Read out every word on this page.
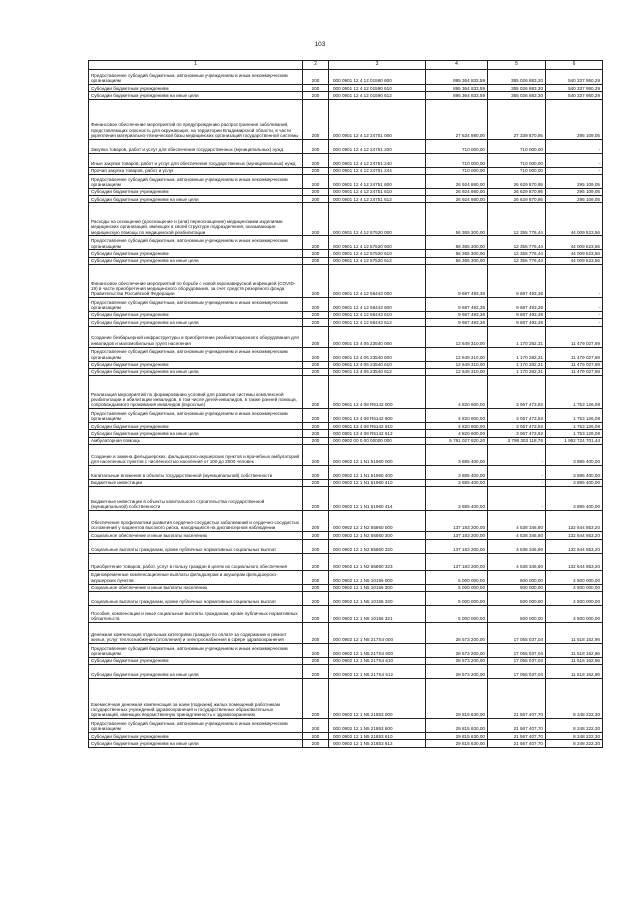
103
1	2	3	4	5	6
Предоставление субсидий бюджетным, автономным учреждениям и иным некоммерческим организациям	200	000 0901 12 4 12 01590 600	895 364 833,59	355 026 883,30	540 337 950,29
Субсидии бюджетным учреждениям	200	000 0901 12 4 12 01590 610	895 364 833,59	355 026 883,30	540 337 950,29
Субсидии бюджетным учреждениям на иные цели	200	000 0901 12 4 12 01590 612	895 364 833,59	355 026 883,30	540 337 950,29
Финансовое обеспечение мероприятий по предупреждению распространения заболеваний, представляющих опасность для окружающих, на территории Владимирской области, в части укрепления материально-технической базы медицинских организаций государственной системы	200	000 0901 12 4 12 24751 000	27 634 980,00	27 339 870,95	295 109,05
Закупка товаров, работ и услуг для обеспечения государственных (муниципальных) нужд	200	000 0901 12 4 12 24751 200	710 000,00	710 000,00	-
Иные закупки товаров, работ и услуг для обеспечения государственных (муниципальных) нужд	200	000 0901 12 4 12 24751 240	710 000,00	710 000,00	-
Прочая закупка товаров, работ и услуг	200	000 0901 12 4 12 24751 244	710 000,00	710 000,00	-
Предоставление субсидий бюджетным, автономным учреждениям и иным некоммерческим организациям	200	000 0901 12 4 12 24751 600	26 924 980,00	26 629 870,95	295 109,05
Субсидии бюджетным учреждениям	200	000 0901 12 4 12 24751 610	26 924 980,00	26 629 870,95	295 109,05
Субсидии бюджетным учреждениям на иные цели	200	000 0901 12 4 12 24751 612	26 924 980,00	26 629 870,95	295 109,05
Расходы на оснащение (дооснащение и (или) переоснащение) медицинскими изделиями медицинских организаций, имеющих в своей структуре подразделения, оказывающие медицинскую помощь по медицинской реабилитации	200	000 0901 12 4 12 57520 000	56 365 300,00	12 355 776,44	44 009 523,56
Предоставление субсидий бюджетным, автономным учреждениям и иным некоммерческим организациям	200	000 0901 12 4 12 57520 600	56 365 300,00	12 355 776,44	44 009 523,56
Субсидии бюджетным учреждениям	200	000 0901 12 4 12 57520 610	56 365 300,00	12 355 776,44	44 009 523,56
Субсидии бюджетным учреждениям на иные цели	200	000 0901 12 4 12 57520 612	56 365 300,00	12 355 776,44	44 009 523,56
Финансовое обеспечение мероприятий по борьбе с новой коронавирусной инфекцией (COVID-19) в части приобретения медицинского оборудования, за счет средств резервного фонда Правительства Российской Федерации	200	000 0901 12 4 12 58443 000	9 687 493,36	9 687 493,36	-
Предоставление субсидий бюджетным, автономным учреждениям и иным некоммерческим организациям	200	000 0901 12 4 12 58443 600	9 687 493,36	9 687 493,36	-
Субсидии бюджетным учреждениям	200	000 0901 12 4 12 58443 610	9 687 493,36	9 687 493,36	-
Субсидии бюджетным учреждениям на иные цели	200	000 0901 12 4 12 58443 612	9 687 493,36	9 687 493,36	-
Создание безбарьерной инфраструктуры и приобретение реабилитационного оборудования для инвалидов и маломобильных групп населения	200	000 0901 13 4 05 23540 000	12 649 310,00	1 170 282,31	11 479 027,69
Предоставление субсидий бюджетным, автономным учреждениям и иным некоммерческим организациям	200	000 0901 13 4 05 23540 600	12 649 310,00	1 170 282,31	11 479 027,69
Субсидии бюджетным учреждениям	200	000 0901 13 4 05 23540 610	12 649 310,00	1 170 282,31	11 479 027,69
Субсидии бюджетным учреждениям на иные цели	200	000 0901 13 4 05 23540 612	12 649 310,00	1 170 282,31	11 479 027,69
Реализация мероприятий по формированию условий для развития системы комплексной реабилитации и абилитации инвалидов, в том числе детей-инвалидов, в также ранней помощи, сопровождаемого проживания инвалидов (взрослые)	200	000 0901 13 4 08 R5142 000	4 820 600,00	3 067 473,92	1 753 126,08
Предоставление субсидий бюджетным, автономным учреждениям и иным некоммерческим организациям	200	000 0901 13 4 08 R5142 600	4 820 600,00	3 067 473,92	1 753 126,08
Субсидии бюджетным учреждениям	200	000 0901 13 4 08 R5142 610	4 820 600,00	3 067 473,92	1 753 126,08
Субсидии бюджетным учреждениям на иные цели	200	000 0901 13 4 08 R5142 612	4 820 600,00	3 067 473,92	1 753 126,08
Амбулаторная помощь	200	000 0902 00 0 00 00000 000	5 751 027 820,20	3 798 303 118,76	1 952 724 701,44
Создание и замена фельдшерских, фельдшерско-акушерских пунктов и врачебных амбулаторий для населенных пунктов с численностью населения от 100 до 2000 человек	200	000 0902 12 1 N1 51960 000	3 885 400,00	-	3 885 400,00
Капитальные вложения в объекты государственной (муниципальной) собственности	200	000 0902 12 1 N1 51960 400	3 885 400,00	-	3 885 400,00
Бюджетные инвестиции	200	000 0902 12 1 N1 51960 410	3 885 400,00	-	3 885 400,00
Бюджетные инвестиции в объекты капитального строительства государственной (муниципальной) собственности	200	000 0902 12 1 N1 51960 414	3 885 400,00	-	3 885 400,00
Обеспечение профилактики развития сердечно-сосудистых заболеваний и сердечно-сосудистых осложнений у пациентов высокого риска, находящихся на диспансерном наблюдении	200	000 0902 12 1 N2 55860 000	137 183 200,00	4 538 346,80	132 644 853,20
Социальное обеспечение и иные выплаты населению	200	000 0902 12 1 N2 55860 300	137 183 200,00	4 538 346,80	132 644 853,20
Социальные выплаты гражданам, кроме публичных нормативных социальных выплат	200	000 0902 12 1 N2 55860 320	137 183 200,00	4 538 346,80	132 644 853,20
Приобретение товаров, работ, услуг в пользу граждан в целях их социального обеспечения	200	000 0902 12 1 N2 55860 323	137 183 200,00	4 538 346,80	132 644 853,20
Единовременные компенсационные выплаты фельдшерам и акушерам фельдшерско-акушерских пунктов	200	000 0902 12 1 N5 10156 000	5 000 000,00	500 000,00	4 500 000,00
Социальное обеспечение и иные выплаты населению	200	000 0902 12 1 N5 10156 300	5 000 000,00	500 000,00	4 500 000,00
Социальные выплаты гражданам, кроме публичных нормативных социальных выплат	200	000 0902 12 1 N5 10156 320	5 000 000,00	500 000,00	4 500 000,00
Пособия, компенсации и иные социальные выплаты гражданам, кроме публичных нормативных обязательств	200	000 0902 12 1 N5 10156 321	5 000 000,00	500 000,00	4 500 000,00
Денежная компенсация отдельным категориям граждан по оплате за содержание и ремонт жилья, услуг теплоснабжения (отопления) и электроснабжения в сфере здравоохранения	200	000 0902 12 1 N5 217S4 000	28 573 200,00	17 055 037,04	11 518 162,96
Предоставление субсидий бюджетным, автономным учреждениям и иным некоммерческим организациям	200	000 0902 12 1 N5 217S4 600	28 573 200,00	17 055 037,04	11 518 162,96
Субсидии бюджетным учреждениям	200	000 0902 12 1 N5 217S4 610	28 573 200,00	17 055 037,04	11 518 162,96
Субсидии бюджетным учреждениям на иные цели	200	000 0902 12 1 N5 217S4 612	28 573 200,00	17 055 037,04	11 518 162,96
Ежемесячная денежная компенсация за наем (поднаем) жилых помещений работникам государственных учреждений здравоохранения и государственных образовательных организаций, имеющих ведомственную принадлежность к здравоохранению	200	000 0902 12 1 N5 21853 000	29 815 630,00	21 567 407,70	8 248 222,30
Предоставление субсидий бюджетным, автономным учреждениям и иным некоммерческим организациям	200	000 0902 12 1 N5 21853 600	29 815 630,00	21 567 407,70	8 248 222,30
Субсидии бюджетным учреждениям	200	000 0902 12 1 N5 21853 610	29 815 630,00	21 567 407,70	8 248 222,30
Субсидии бюджетным учреждениям на иные цели	200	000 0902 12 1 N5 21853 612	29 815 630,00	21 567 407,70	8 248 222,30
